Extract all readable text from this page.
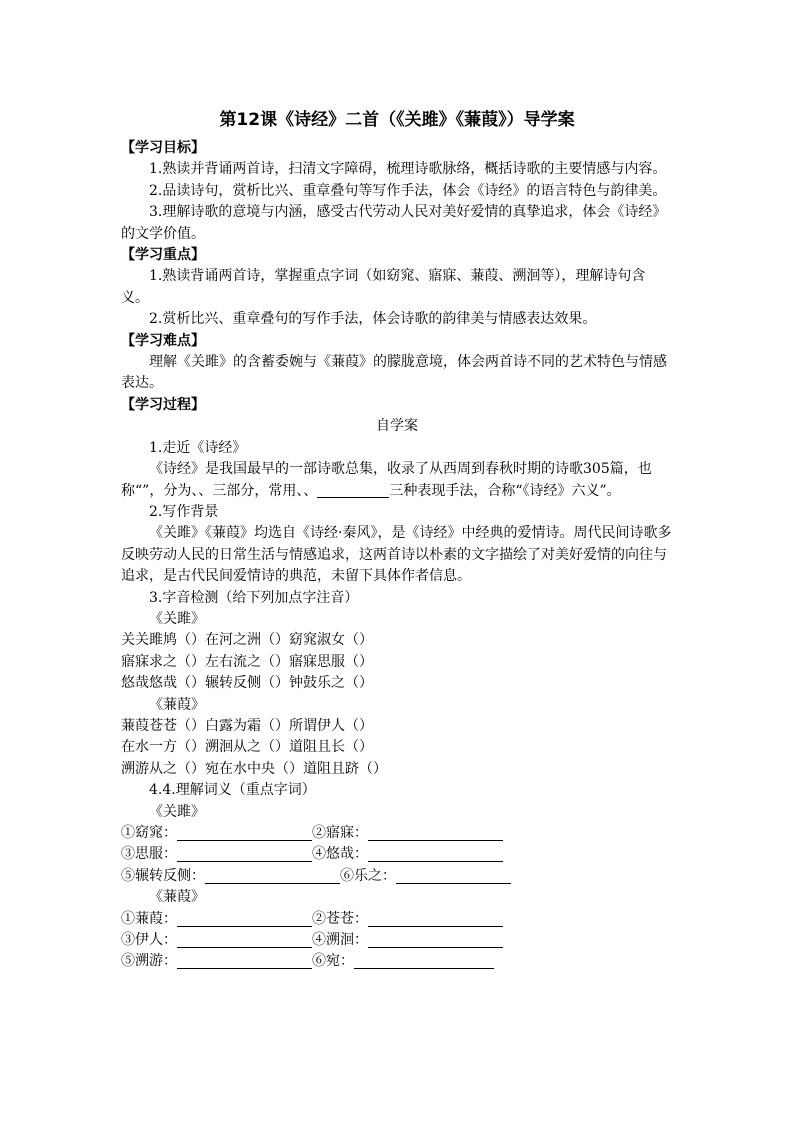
第12课《诗经》二首（《关雎》《蒹葭》）导学案

【学习目标】

1.熟读并背诵两首诗，扫清文字障碍，梳理诗歌脉络，概括诗歌的主要情感与内容。

2.品读诗句，赏析比兴、重章叠句等写作手法，体会《诗经》的语言特色与韵律美。

3.理解诗歌的意境与内涵，感受古代劳动人民对美好爱情的真挚追求，体会《诗经》的文学价值。

【学习重点】

1.熟读背诵两首诗，掌握重点字词（如窈窕、寤寐、蒹葭、溯洄等），理解诗句含义。

2.赏析比兴、重章叠句的写作手法，体会诗歌的韵律美与情感表达效果。

【学习难点】

理解《关雎》的含蓄委婉与《蒹葭》的朦胧意境，体会两首诗不同的艺术特色与情感表达。

【学习过程】

自学案

1.走近《诗经》

《诗经》是我国最早的一部诗歌总集，收录了从西周到春秋时期的诗歌305篇，也称“”，分为、、三部分，常用、、	三种表现手法，合称“《诗经》六义”。

2.写作背景

《关雎》《蒹葭》均选自《诗经·秦风》，是《诗经》中经典的爱情诗。周代民间诗歌多反映劳动人民的日常生活与情感追求，这两首诗以朴素的文字描绘了对美好爱情的向往与追求，是古代民间爱情诗的典范，未留下具体作者信息。

3.字音检测（给下列加点字注音）

《关雎》

关关雎鸠（）在河之洲（）窈窕淑女（）

寤寐求之（）左右流之（）寤寐思服（）

悠哉悠哉（）辗转反侧（）钟鼓乐之（）

《蒹葭》

蒹葭苍苍（）白露为霜（）所谓伊人（）

在水一方（）溯洄从之（）道阻且长（）

溯游从之（）宛在水中央（）道阻且跻（）

4.4.理解词义（重点字词）

《关雎》

①窈窕：	②寤寐：
③思服：	④悠哉：
⑤辗转反侧：	⑥乐之：

《蒹葭》

①蒹葭：	②苍苍：
③伊人：	④溯洄：
⑤溯游：	⑥宛：
